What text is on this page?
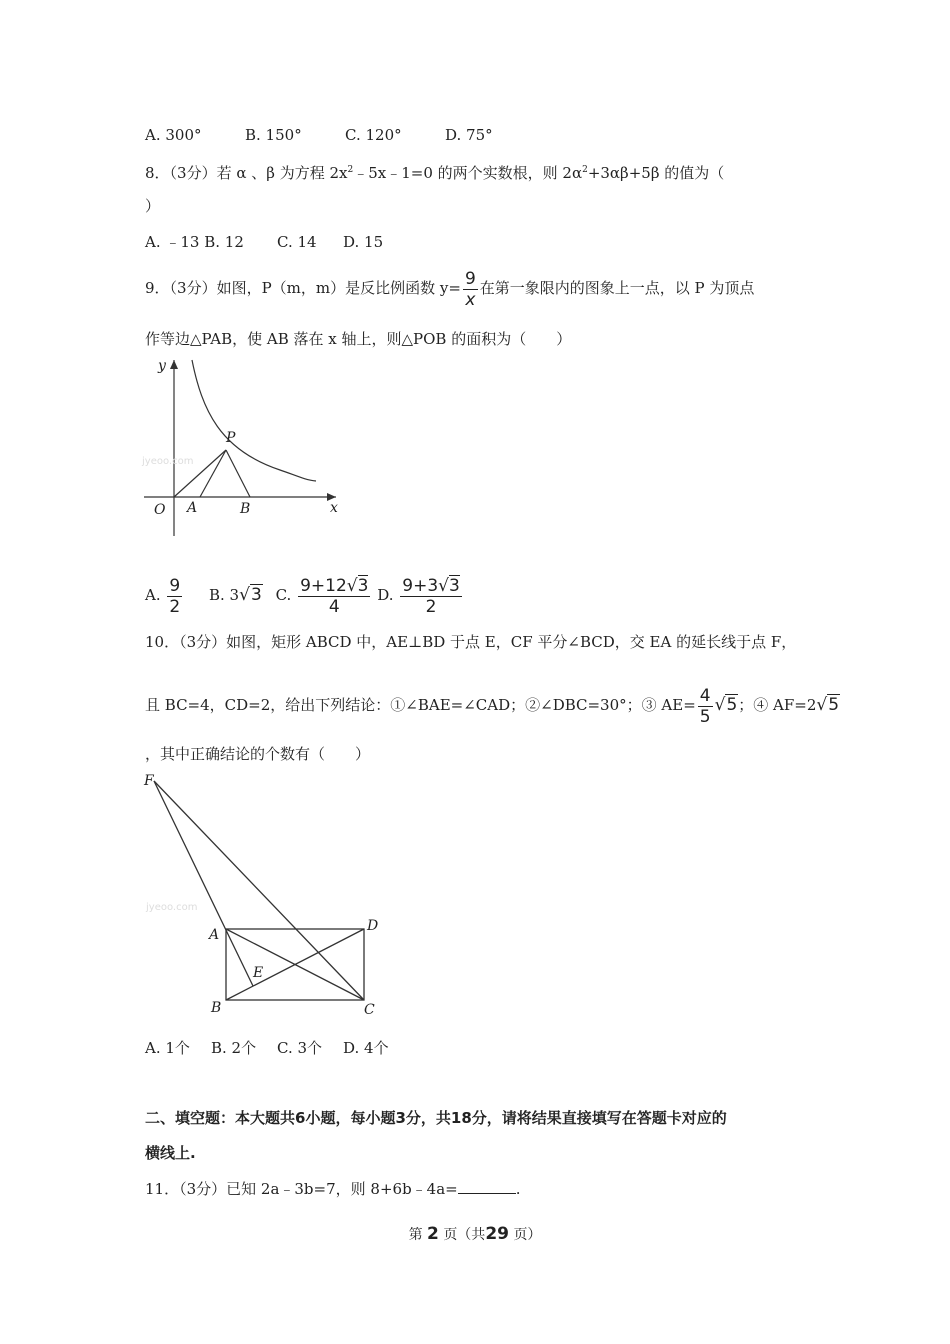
A. 300°	B. 150°	C. 120°	D. 75°
8．（3分）若 α 、β 为方程 $2x^2﹣5x﹣1=0$ 的两个实数根，则 $2\alpha^2+3\alpha\beta+5\beta$ 的值为（
）
A. ﹣13 B. 12 C. 14 D. 15
9．（3分）如图，P（m，m）是反比例函数 $y= \frac{9}{x}$ 在第一象限内的图象上一点，以 P 为顶点
作等边△PAB，使 AB 落在 x 轴上，则△POB 的面积为（　　）
jyeoo.com
y
x
O A	B
P
A. $\frac{9}{2} B$. 3√3 C. $\frac{9+12√3}{4} D$. $\frac{9+3√3}{2}$
10．（3分）如图，矩形 ABCD 中，AE⊥BD 于点 E，CF 平分∠BCD，交 EA 的延长线于点 F，
且 BC=4，CD=2，给出下列结论：①∠BAE=∠CAD；②∠DBC=30°；③ $AE= \frac{4}{5} √5$；④ AF=2√5
，其中正确结论的个数有（　　）
jyeoo.com
F
A
B	C
D
E
A. 1个 B. 2个 C. 3个 D. 4个
二、填空题：本大题共6小题，每小题3分，共18分，请将结果直接填写在答题卡对应的
横线上.
11．（3分）已知 2a﹣3b=7，则 8+6b﹣4a=	.
第 2 页（共29 页）
